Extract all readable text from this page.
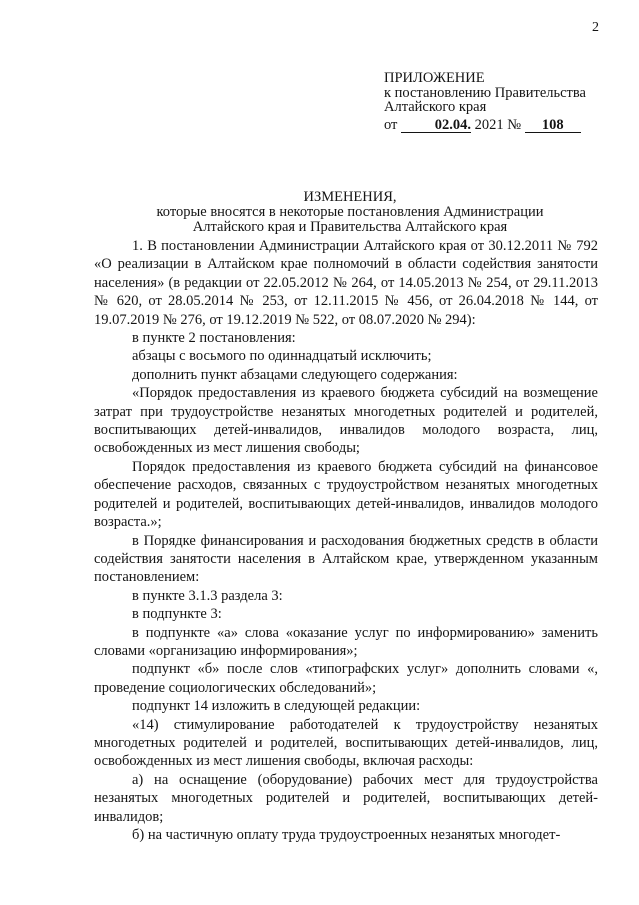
2
ПРИЛОЖЕНИЕ
к постановлению Правительства
Алтайского края
от	02.04. 2021 № 108
ИЗМЕНЕНИЯ,
которые вносятся в некоторые постановления Администрации
Алтайского края и Правительства Алтайского края

1. В постановлении Администрации Алтайского края от 30.12.2011 № 792 «О реализации в Алтайском крае полномочий в области содействия занятости населения» (в редакции от 22.05.2012 № 264, от 14.05.2013 № 254, от 29.11.2013 № 620, от 28.05.2014 № 253, от 12.11.2015 № 456, от 26.04.2018 № 144, от 19.07.2019 № 276, от 19.12.2019 № 522, от 08.07.2020 № 294):

в пункте 2 постановления:

абзацы с восьмого по одиннадцатый исключить;

дополнить пункт абзацами следующего содержания:

«Порядок предоставления из краевого бюджета субсидий на возмещение затрат при трудоустройстве незанятых многодетных родителей и родителей, воспитывающих детей-инвалидов, инвалидов молодого возраста, лиц, освобожденных из мест лишения свободы;

Порядок предоставления из краевого бюджета субсидий на финансовое обеспечение расходов, связанных с трудоустройством незанятых многодетных родителей и родителей, воспитывающих детей-инвалидов, инвалидов молодого возраста.»;

в Порядке финансирования и расходования бюджетных средств в области содействия занятости населения в Алтайском крае, утвержденном указанным постановлением:

в пункте 3.1.3 раздела 3:

в подпункте 3:

в подпункте «а» слова «оказание услуг по информированию» заменить словами «организацию информирования»;

подпункт «б» после слов «типографских услуг» дополнить словами «, проведение социологических обследований»;

подпункт 14 изложить в следующей редакции:

«14) стимулирование работодателей к трудоустройству незанятых многодетных родителей и родителей, воспитывающих детей-инвалидов, лиц, освобожденных из мест лишения свободы, включая расходы:

а) на оснащение (оборудование) рабочих мест для трудоустройства незанятых многодетных родителей и родителей, воспитывающих детей-инвалидов;

б) на частичную оплату труда трудоустроенных незанятых многодет-
